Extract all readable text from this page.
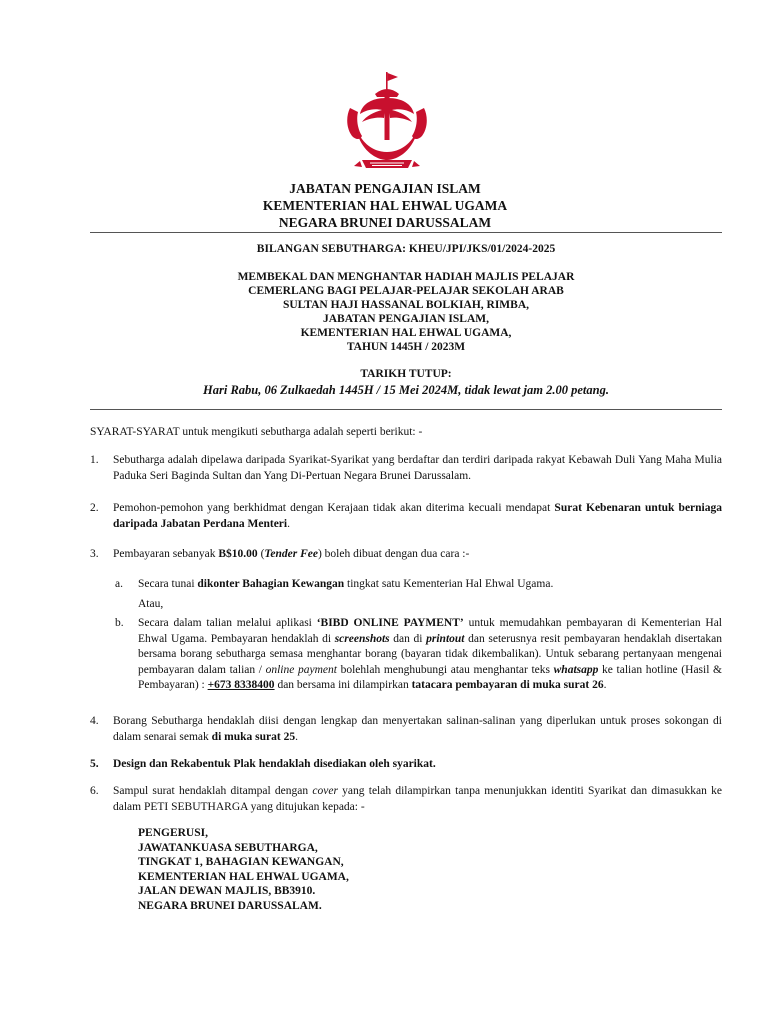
JABATAN PENGAJIAN ISLAM
KEMENTERIAN HAL EHWAL UGAMA
NEGARA BRUNEI DARUSSALAM
BILANGAN SEBUTHARGA: KHEU/JPI/JKS/01/2024-2025
MEMBEKAL DAN MENGHANTAR HADIAH MAJLIS PELAJAR
CEMERLANG BAGI PELAJAR-PELAJAR SEKOLAH ARAB
SULTAN HAJI HASSANAL BOLKIAH, RIMBA,
JABATAN PENGAJIAN ISLAM,
KEMENTERIAN HAL EHWAL UGAMA,
TAHUN 1445H / 2023M
TARIKH TUTUP:
Hari Rabu, 06 Zulkaedah 1445H / 15 Mei 2024M, tidak lewat jam 2.00 petang.
SYARAT-SYARAT untuk mengikuti sebutharga adalah seperti berikut: -
1.	Sebutharga adalah dipelawa daripada Syarikat-Syarikat yang berdaftar dan terdiri daripada rakyat Kebawah Duli Yang Maha Mulia Paduka Seri Baginda Sultan dan Yang Di-Pertuan Negara Brunei Darussalam.
2.	Pemohon-pemohon yang berkhidmat dengan Kerajaan tidak akan diterima kecuali mendapat Surat Kebenaran untuk berniaga daripada Jabatan Perdana Menteri.
3.	Pembayaran sebanyak B$10.00 (Tender Fee) boleh dibuat dengan dua cara :-
a.	Secara tunai dikonter Bahagian Kewangan tingkat satu Kementerian Hal Ehwal Ugama.
Atau,
b.	Secara dalam talian melalui aplikasi ‘BIBD ONLINE PAYMENT’ untuk memudahkan pembayaran di Kementerian Hal Ehwal Ugama. Pembayaran hendaklah di screenshots dan di printout dan seterusnya resit pembayaran hendaklah disertakan bersama borang sebutharga semasa menghantar borang (bayaran tidak dikembalikan). Untuk sebarang pertanyaan mengenai pembayaran dalam talian / online payment bolehlah menghubungi atau menghantar teks whatsapp ke talian hotline (Hasil & Pembayaran) : +673 8338400 dan bersama ini dilampirkan tatacara pembayaran di muka surat 26.
4.	Borang Sebutharga hendaklah diisi dengan lengkap dan menyertakan salinan-salinan yang diperlukan untuk proses sokongan di dalam senarai semak di muka surat 25.
5.	Design dan Rekabentuk Plak hendaklah disediakan oleh syarikat.
6.	Sampul surat hendaklah ditampal dengan cover yang telah dilampirkan tanpa menunjukkan identiti Syarikat dan dimasukkan ke dalam PETI SEBUTHARGA yang ditujukan kepada: -
PENGERUSI,
JAWATANKUASA SEBUTHARGA,
TINGKAT 1, BAHAGIAN KEWANGAN,
KEMENTERIAN HAL EHWAL UGAMA,
JALAN DEWAN MAJLIS, BB3910.
NEGARA BRUNEI DARUSSALAM.
